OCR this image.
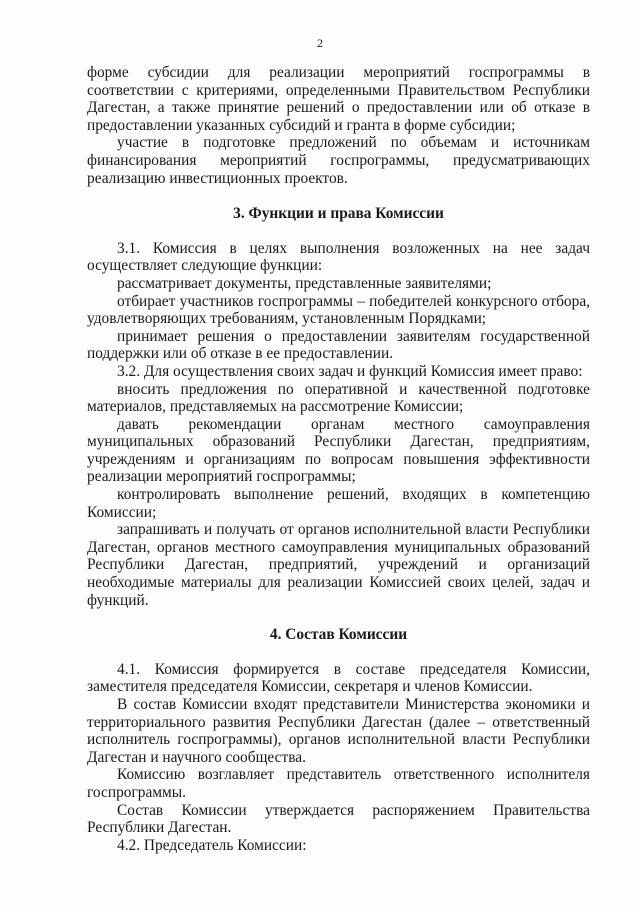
2

форме субсидии для реализации мероприятий госпрограммы в соответствии с критериями, определенными Правительством Республики Дагестан, а также принятие решений о предоставлении или об отказе в предоставлении указанных субсидий и гранта в форме субсидии;

участие в подготовке предложений по объемам и источникам финансирования мероприятий госпрограммы, предусматривающих реализацию инвестиционных проектов.

3. Функции и права Комиссии

3.1. Комиссия в целях выполнения возложенных на нее задач осуществляет следующие функции:

рассматривает документы, представленные заявителями;

отбирает участников госпрограммы – победителей конкурсного отбора, удовлетворяющих требованиям, установленным Порядками;

принимает решения о предоставлении заявителям государственной поддержки или об отказе в ее предоставлении.

3.2. Для осуществления своих задач и функций Комиссия имеет право:

вносить предложения по оперативной и качественной подготовке материалов, представляемых на рассмотрение Комиссии;

давать рекомендации органам местного самоуправления муниципальных образований Республики Дагестан, предприятиям, учреждениям и организациям по вопросам повышения эффективности реализации мероприятий госпрограммы;

контролировать выполнение решений, входящих в компетенцию Комиссии;

запрашивать и получать от органов исполнительной власти Республики Дагестан, органов местного самоуправления муниципальных образований Республики Дагестан, предприятий, учреждений и организаций необходимые материалы для реализации Комиссией своих целей, задач и функций.

4. Состав Комиссии

4.1. Комиссия формируется в составе председателя Комиссии, заместителя председателя Комиссии, секретаря и членов Комиссии.

В состав Комиссии входят представители Министерства экономики и территориального развития Республики Дагестан (далее – ответственный исполнитель госпрограммы), органов исполнительной власти Республики Дагестан и научного сообщества.

Комиссию возглавляет представитель ответственного исполнителя госпрограммы.

Состав Комиссии утверждается распоряжением Правительства Республики Дагестан.

4.2. Председатель Комиссии:
